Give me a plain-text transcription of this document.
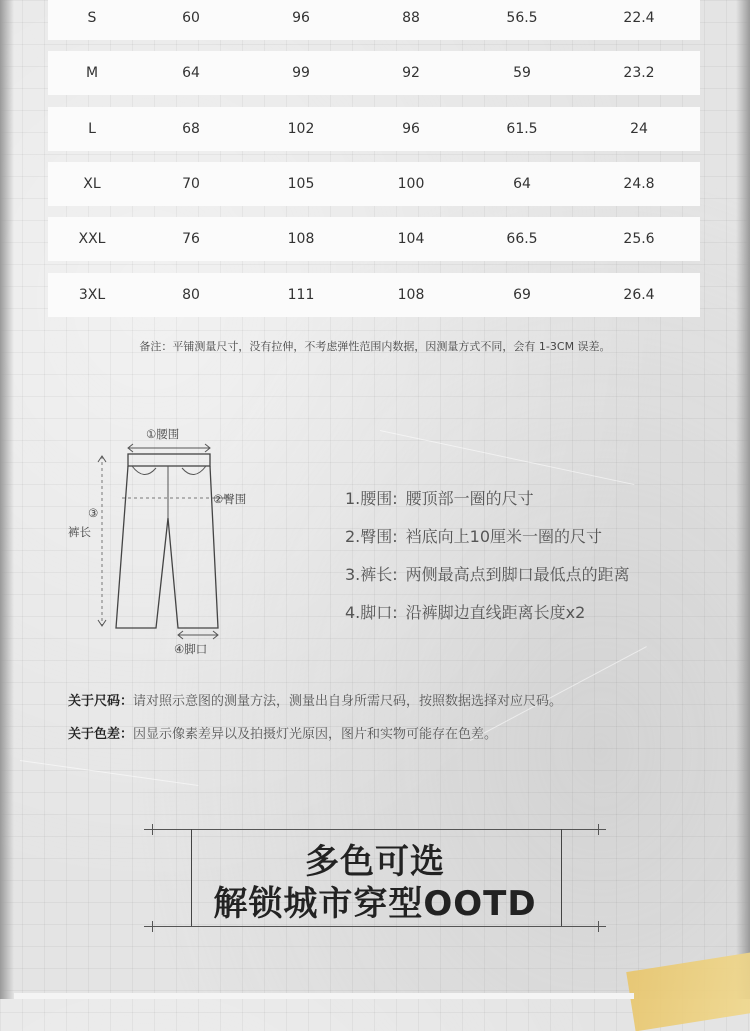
S	60	96	88	56.5	22.4
M	64	99	92	59	23.2
L	68	102	96	61.5	24
XL	70	105	100	64	24.8
XXL	76	108	104	66.5	25.6
3XL	80	111	108	69	26.4
备注：平铺测量尺寸，没有拉伸，不考虑弹性范围内数据，因测量方式不同，会有 1-3CM 误差。
①腰围
②臀围
③
裤长
④脚口
1.腰围: 腰顶部一圈的尺寸
2.臀围: 裆底向上10厘米一圈的尺寸
3.裤长: 两侧最高点到脚口最低点的距离
4.脚口: 沿裤脚边直线距离长度x2
关于尺码：请对照示意图的测量方法，测量出自身所需尺码，按照数据选择对应尺码。
关于色差：因显示像素差异以及拍摄灯光原因，图片和实物可能存在色差。
多色可选
解锁城市穿型OOTD
